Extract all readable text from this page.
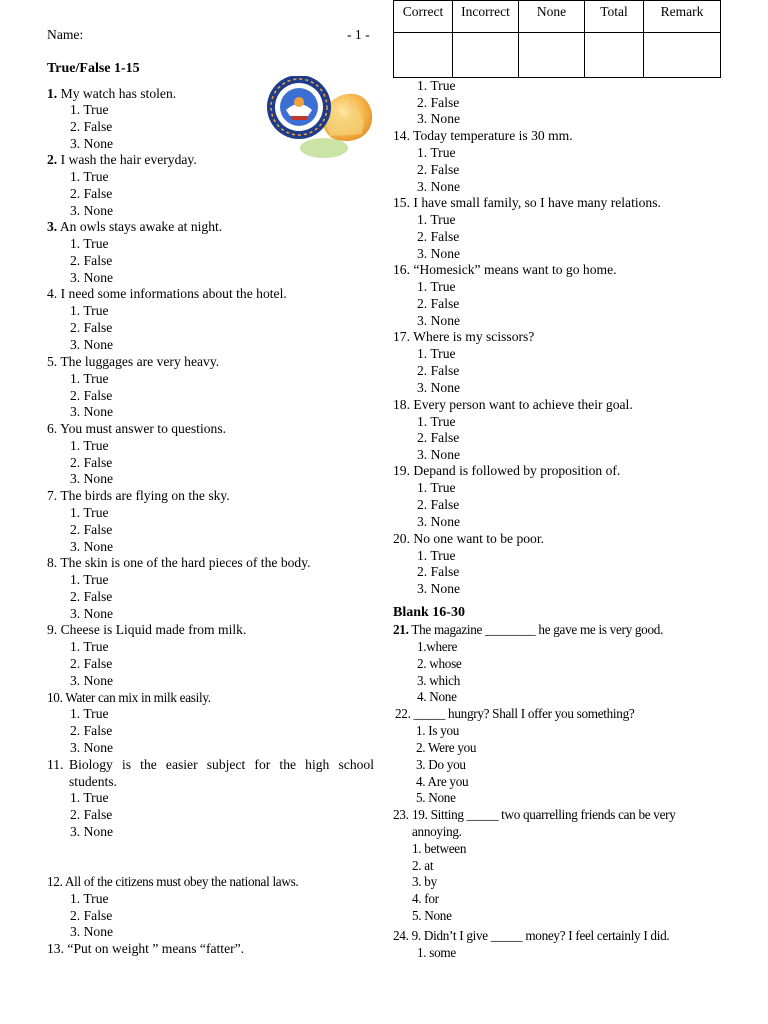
Name:	- 1 -
Correct	Incorrect	None	Total	Remark

True/False 1-15
1. My watch has stolen.
1. True
2. False
3. None
2. I wash the hair everyday.
1. True
2. False
3. None
3. An owls stays awake at night.
1. True
2. False
3. None
4. I need some informations about the hotel.
1. True
2. False
3. None
5. The luggages are very heavy.
1. True
2. False
3. None
6. You must answer to questions.
1. True
2. False
3. None
7. The birds are flying on the sky.
1. True
2. False
3. None
8. The skin is one of the hard pieces of the body.
1. True
2. False
3. None
9. Cheese is Liquid made from milk.
1. True
2. False
3. None
10. Water can mix in milk easily.
1. True
2. False
3. None
11. Biology is the easier subject for the high school students.
1. True
2. False
3. None
12. All of the citizens must obey the national laws.
1. True
2. False
3. None
13. “Put on weight ” means “fatter”.
1. True
2. False
3. None
14. Today temperature is 30 mm.
1. True
2. False
3. None
15. I have small family, so I have many relations.
1. True
2. False
3. None
16. “Homesick” means want to go home.
1. True
2. False
3. None
17. Where is my scissors?
1. True
2. False
3. None
18. Every person want to achieve their goal.
1. True
2. False
3. None
19. Depand is followed by proposition of.
1. True
2. False
3. None
20. No one want to be poor.
1. True
2. False
3. None
Blank 16-30
21. The magazine ________ he gave me is very good.
1.where
2. whose
3. which
4. None
22. _____ hungry? Shall I offer you something?
1. Is you
2. Were you
3. Do you
4. Are you
5. None
23. 19. Sitting _____ two quarrelling friends can be very annoying.
1. between
2. at
3. by
4. for
5. None
24. 9. Didn’t I give _____ money? I feel certainly I did.
1. some
